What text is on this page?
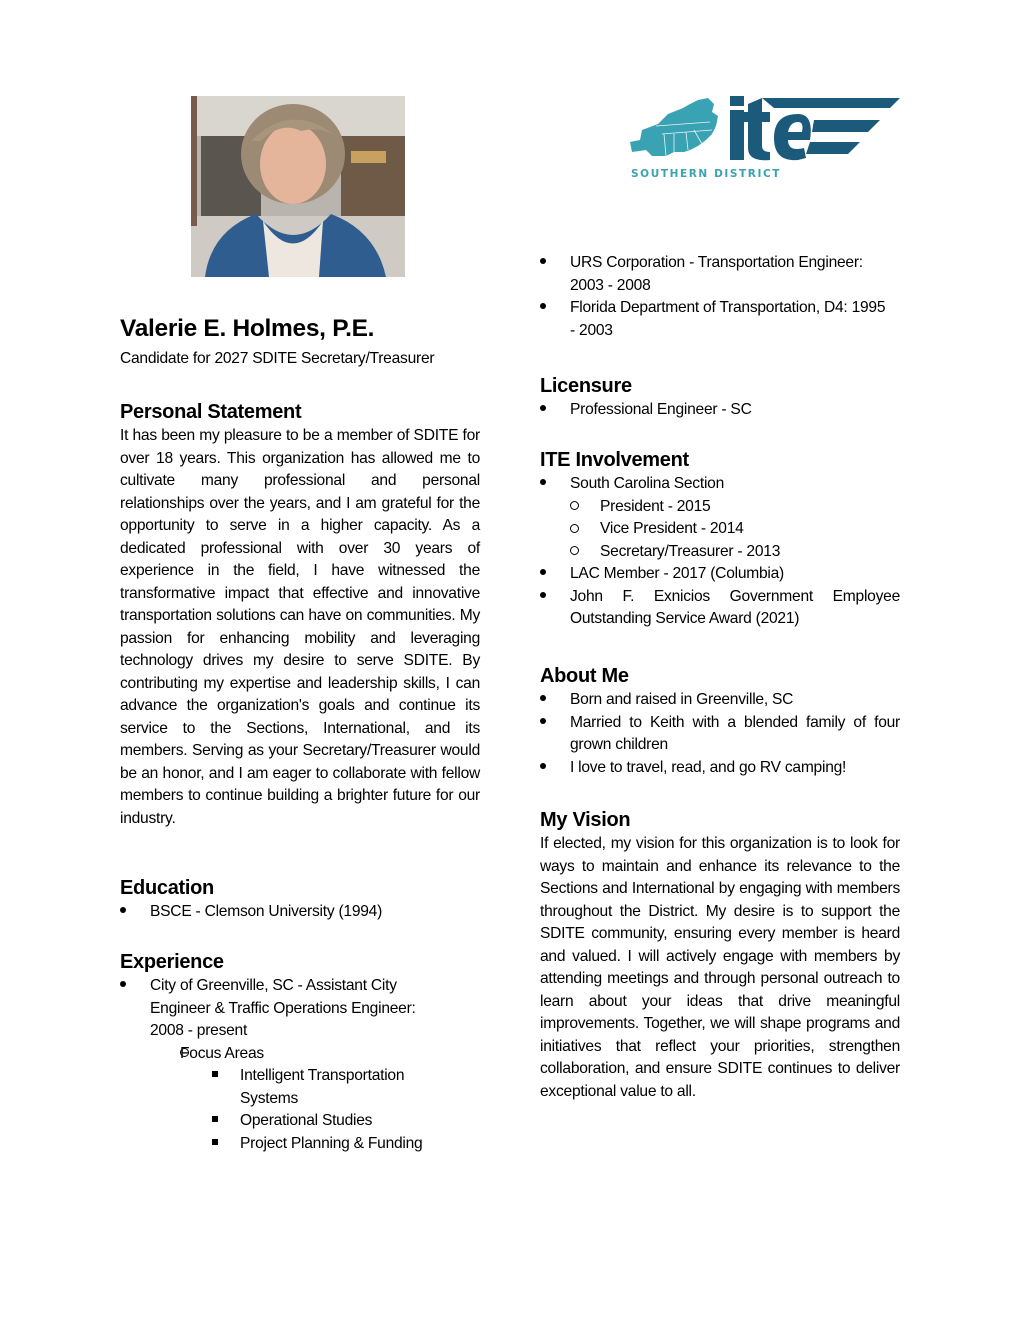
SOUTHERN DISTRICT
Valerie E. Holmes, P.E.
Candidate for 2027 SDITE Secretary/Treasurer
Personal Statement
It has been my pleasure to be a member of SDITE for over 18 years. This organization has allowed me to cultivate many professional and personal relationships over the years, and I am grateful for the opportunity to serve in a higher capacity. As a dedicated professional with over 30 years of experience in the field, I have witnessed the transformative impact that effective and innovative transportation solutions can have on communities. My passion for enhancing mobility and leveraging technology drives my desire to serve SDITE. By contributing my expertise and leadership skills, I can advance the organization's goals and continue its service to the Sections, International, and its members. Serving as your Secretary/Treasurer would be an honor, and I am eager to collaborate with fellow members to continue building a brighter future for our industry.
Education
BSCE - Clemson University (1994)
Experience
City of Greenville, SC - Assistant City Engineer & Traffic Operations Engineer: 2008 - present
Focus Areas
Intelligent Transportation Systems
Operational Studies
Project Planning & Funding
URS Corporation - Transportation Engineer: 2003 - 2008
Florida Department of Transportation, D4: 1995 - 2003
Licensure
Professional Engineer - SC
ITE Involvement
South Carolina Section
President - 2015
Vice President - 2014
Secretary/Treasurer - 2013
LAC Member - 2017 (Columbia)
John F. Exnicios Government Employee Outstanding Service Award (2021)
About Me
Born and raised in Greenville, SC
Married to Keith with a blended family of four grown children
I love to travel, read, and go RV camping!
My Vision
If elected, my vision for this organization is to look for ways to maintain and enhance its relevance to the Sections and International by engaging with members throughout the District. My desire is to support the SDITE community, ensuring every member is heard and valued. I will actively engage with members by attending meetings and through personal outreach to learn about your ideas that drive meaningful improvements. Together, we will shape programs and initiatives that reflect your priorities, strengthen collaboration, and ensure SDITE continues to deliver exceptional value to all.
